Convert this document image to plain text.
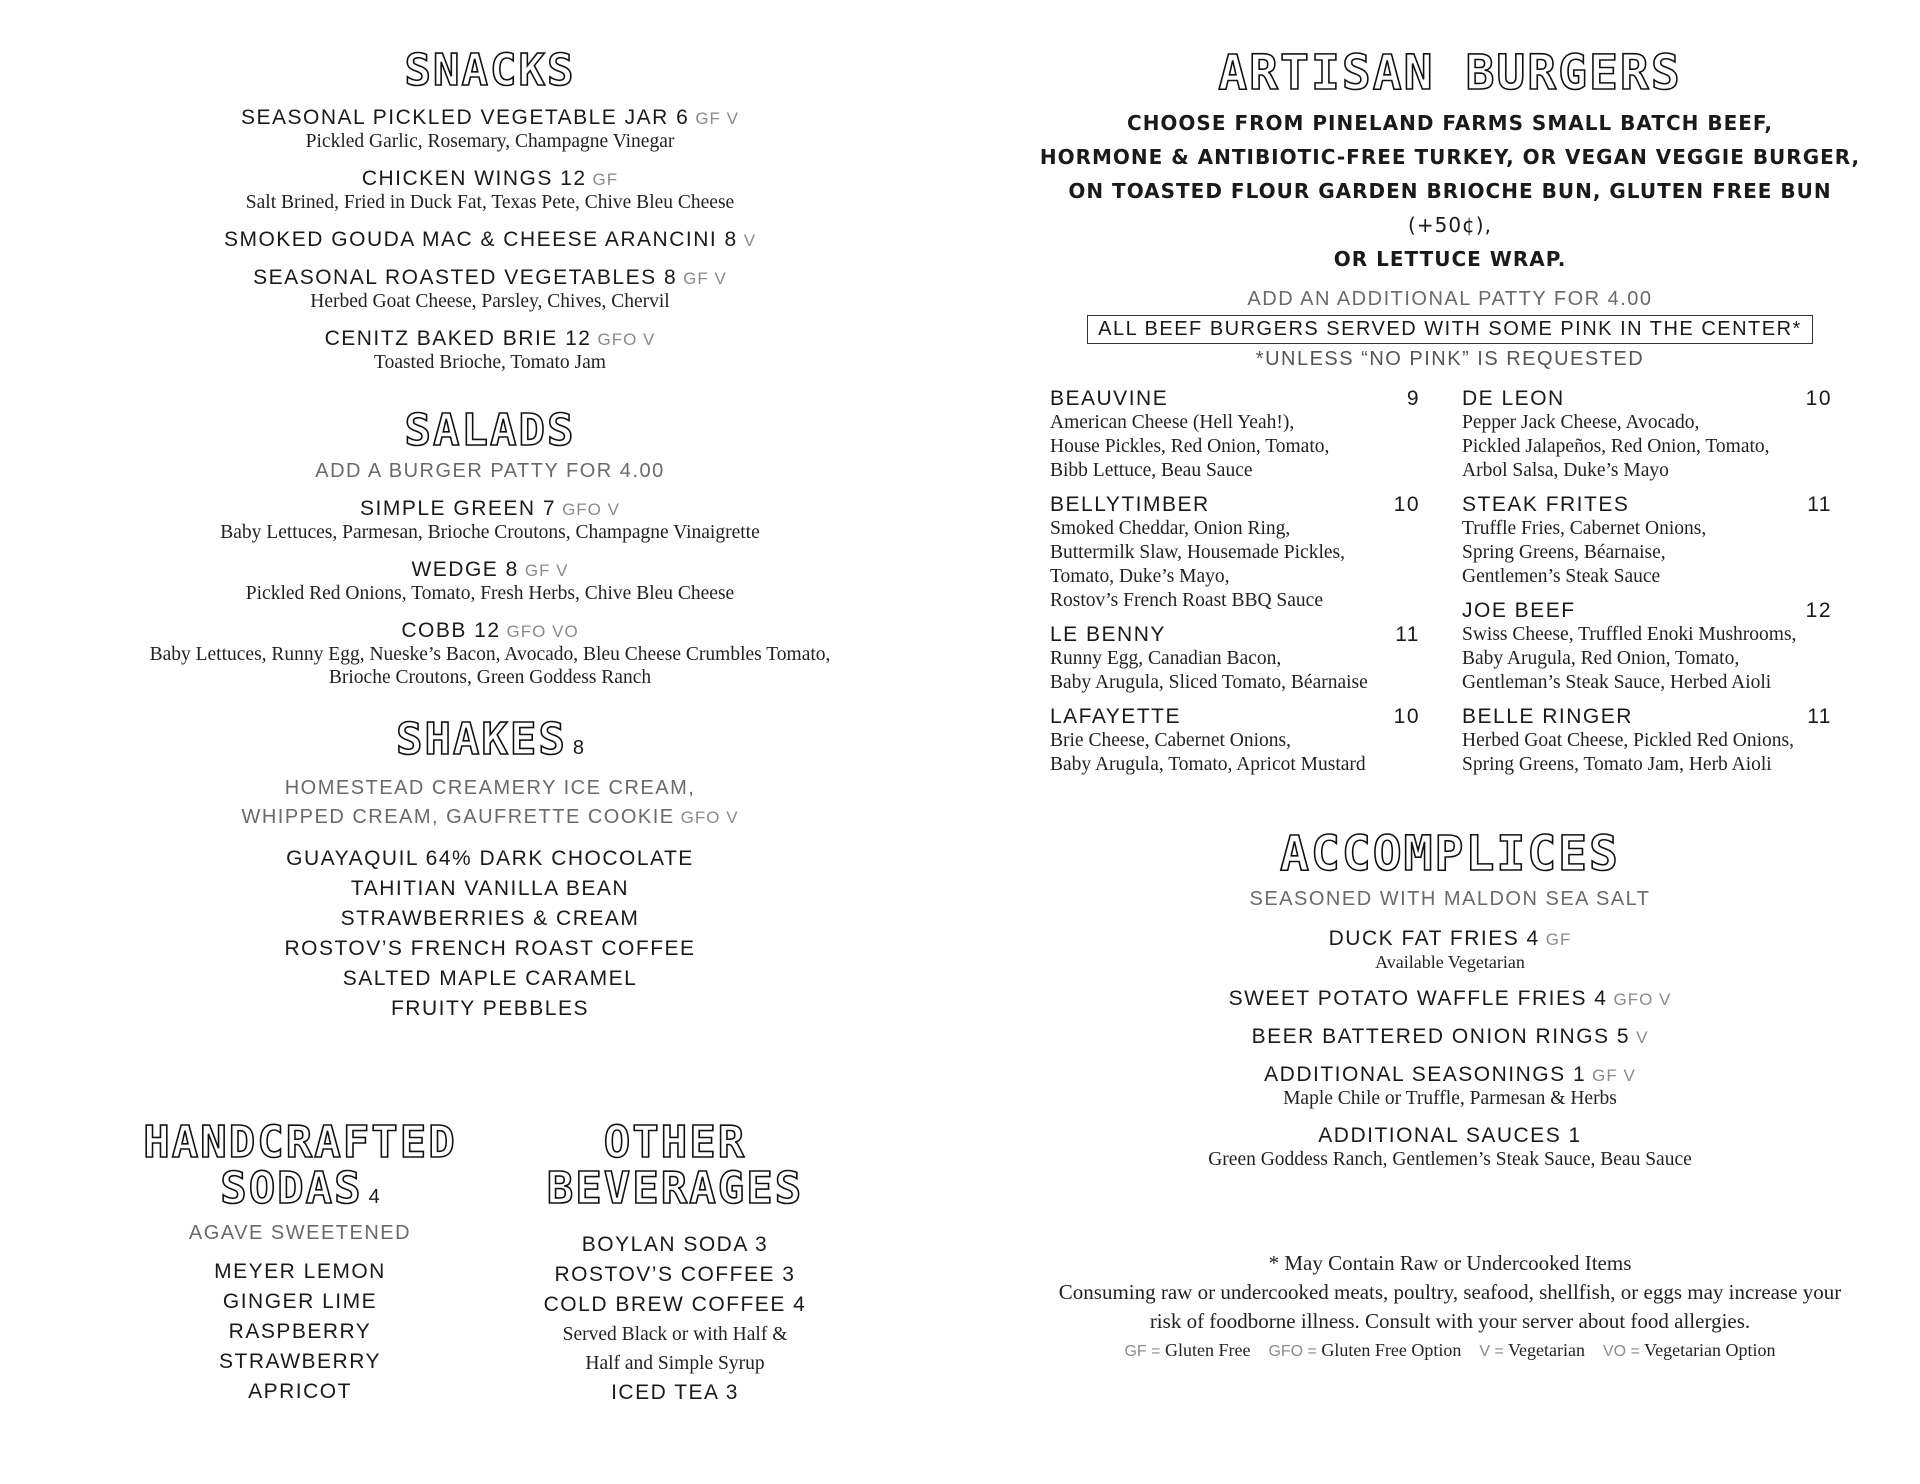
SNACKS

SEASONAL PICKLED VEGETABLE JAR 6 GF V

Pickled Garlic, Rosemary, Champagne Vinegar

CHICKEN WINGS 12 GF

Salt Brined, Fried in Duck Fat, Texas Pete, Chive Bleu Cheese

SMOKED GOUDA MAC & CHEESE ARANCINI 8 V

SEASONAL ROASTED VEGETABLES 8 GF V

Herbed Goat Cheese, Parsley, Chives, Chervil

CENITZ BAKED BRIE 12 GFO V

Toasted Brioche, Tomato Jam

SALADS

ADD A BURGER PATTY FOR 4.00

SIMPLE GREEN 7 GFO V

Baby Lettuces, Parmesan, Brioche Croutons, Champagne Vinaigrette

WEDGE 8 GF V

Pickled Red Onions, Tomato, Fresh Herbs, Chive Bleu Cheese

COBB 12 GFO VO

Baby Lettuces, Runny Egg, Nueske’s Bacon, Avocado, Bleu Cheese Crumbles Tomato,

Brioche Croutons, Green Goddess Ranch

SHAKES 8

HOMESTEAD CREAMERY ICE CREAM,

WHIPPED CREAM, GAUFRETTE COOKIE GFO V

GUAYAQUIL 64% DARK CHOCOLATE

TAHITIAN VANILLA BEAN

STRAWBERRIES & CREAM

ROSTOV’S FRENCH ROAST COFFEE

SALTED MAPLE CARAMEL

FRUITY PEBBLES

HANDCRAFTED
SODAS 4

AGAVE SWEETENED

MEYER LEMON

GINGER LIME

RASPBERRY

STRAWBERRY

APRICOT

OTHER
BEVERAGES

BOYLAN SODA 3

ROSTOV’S COFFEE 3

COLD BREW COFFEE 4

Served Black or with Half &

Half and Simple Syrup

ICED TEA 3

ARTISAN BURGERS
CHOOSE FROM PINELAND FARMS SMALL BATCH BEEF,
HORMONE & ANTIBIOTIC-FREE TURKEY, OR VEGAN VEGGIE BURGER,
ON TOASTED FLOUR GARDEN BRIOCHE BUN, GLUTEN FREE BUN (+50¢),
OR LETTUCE WRAP.

ADD AN ADDITIONAL PATTY FOR 4.00

ALL BEEF BURGERS SERVED WITH SOME PINK IN THE CENTER*

*UNLESS “NO PINK” IS REQUESTED

BEAUVINE	9
American Cheese (Hell Yeah!),
House Pickles, Red Onion, Tomato,
Bibb Lettuce, Beau Sauce
BELLYTIMBER	10
Smoked Cheddar, Onion Ring,
Buttermilk Slaw, Housemade Pickles,
Tomato, Duke’s Mayo,
Rostov’s French Roast BBQ Sauce
LE BENNY	11
Runny Egg, Canadian Bacon,
Baby Arugula, Sliced Tomato, Béarnaise
LAFAYETTE	10
Brie Cheese, Cabernet Onions,
Baby Arugula, Tomato, Apricot Mustard
DE LEON	10
Pepper Jack Cheese, Avocado,
Pickled Jalapeños, Red Onion, Tomato,
Arbol Salsa, Duke’s Mayo
STEAK FRITES	11
Truffle Fries, Cabernet Onions,
Spring Greens, Béarnaise,
Gentlemen’s Steak Sauce
JOE BEEF	12
Swiss Cheese, Truffled Enoki Mushrooms,
Baby Arugula, Red Onion, Tomato,
Gentleman’s Steak Sauce, Herbed Aioli
BELLE RINGER	11
Herbed Goat Cheese, Pickled Red Onions,
Spring Greens, Tomato Jam, Herb Aioli
ACCOMPLICES

SEASONED WITH MALDON SEA SALT

DUCK FAT FRIES 4 GF

Available Vegetarian

SWEET POTATO WAFFLE FRIES 4 GFO V

BEER BATTERED ONION RINGS 5 V

ADDITIONAL SEASONINGS 1 GF V

Maple Chile or Truffle, Parmesan & Herbs

ADDITIONAL SAUCES 1

Green Goddess Ranch, Gentlemen’s Steak Sauce, Beau Sauce

* May Contain Raw or Undercooked Items
Consuming raw or undercooked meats, poultry, seafood, shellfish, or eggs may increase your
risk of foodborne illness. Consult with your server about food allergies.
GF = Gluten Free GFO = Gluten Free Option V = Vegetarian VO = Vegetarian Option
